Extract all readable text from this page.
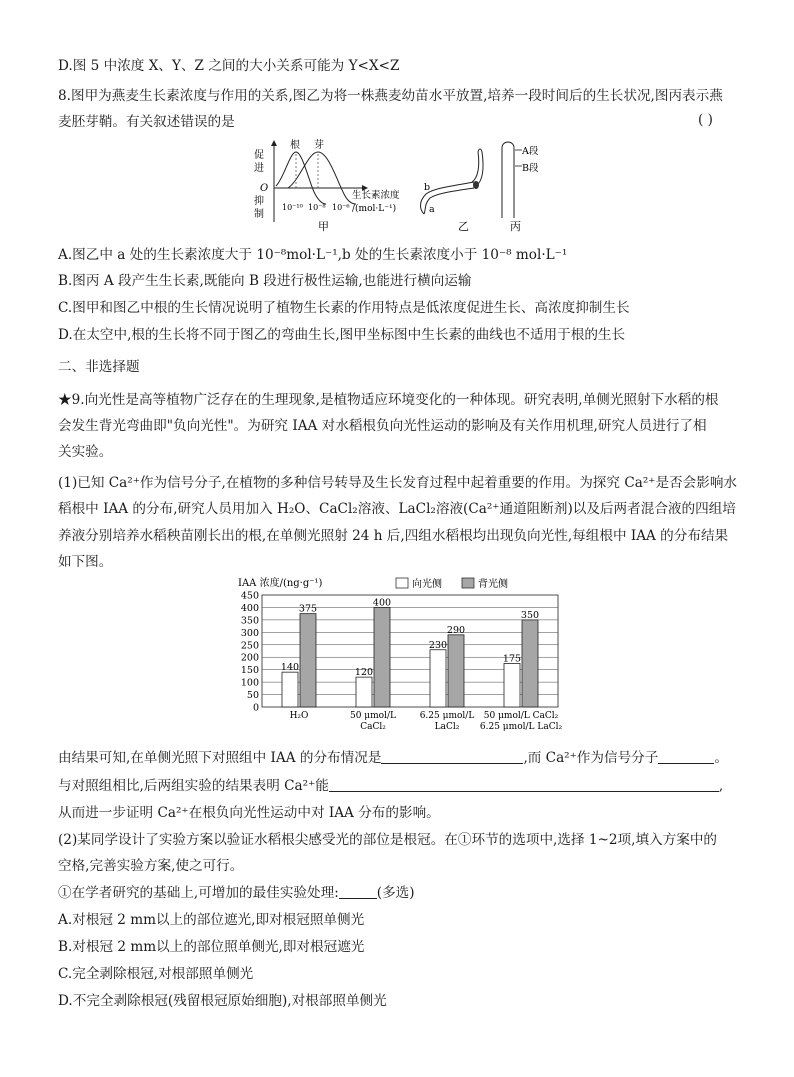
D.图 5 中浓度 X、Y、Z 之间的大小关系可能为 Y<X<Z
8.图甲为燕麦生长素浓度与作用的关系,图乙为将一株燕麦幼苗水平放置,培养一段时间后的生长状况,图丙表示燕
麦胚芽鞘。有关叙述错误的是	( )
促
进
O
抑
制
根 芽
10⁻¹⁰ 10⁻⁸ 10⁻⁶
生长素浓度
/(mol·L⁻¹)
甲
b
a
乙
A段
B段
丙
A.图乙中 a 处的生长素浓度大于 10⁻⁸mol·L⁻¹,b 处的生长素浓度小于 10⁻⁸ mol·L⁻¹
B.图丙 A 段产生生长素,既能向 B 段进行极性运输,也能进行横向运输
C.图甲和图乙中根的生长情况说明了植物生长素的作用特点是低浓度促进生长、高浓度抑制生长
D.在太空中,根的生长将不同于图乙的弯曲生长,图甲坐标图中生长素的曲线也不适用于根的生长
二、非选择题
★9.向光性是高等植物广泛存在的生理现象,是植物适应环境变化的一种体现。研究表明,单侧光照射下水稻的根
会发生背光弯曲即"负向光性"。为研究 IAA 对水稻根负向光性运动的影响及有关作用机理,研究人员进行了相
关实验。
(1)已知 Ca²⁺作为信号分子,在植物的多种信号转导及生长发育过程中起着重要的作用。为探究 Ca²⁺是否会影响水
稻根中 IAA 的分布,研究人员用加入 H₂O、CaCl₂溶液、LaCl₂溶液(Ca²⁺通道阻断剂)以及后两者混合液的四组培
养液分别培养水稻秧苗刚长出的根,在单侧光照射 24 h 后,四组水稻根均出现负向光性,每组根中 IAA 的分布结果
如下图。
IAA 浓度/(ng·g⁻¹)	向光侧	背光侧
0
50
100
150
200
250
300
350
400
450
140
375
H₂O
120
400
50 μmol/L
CaCl₂
230
290
6.25 μmol/L
LaCl₂
175
350
50 μmol/L CaCl₂
6.25 μmol/L LaCl₂
由结果可知,在单侧光照下对照组中 IAA 的分布情况是	,而 Ca²⁺作为信号分子	。
与对照组相比,后两组实验的结果表明 Ca²⁺能	,
从而进一步证明 Ca²⁺在根负向光性运动中对 IAA 分布的影响。
(2)某同学设计了实验方案以验证水稻根尖感受光的部位是根冠。在①环节的选项中,选择 1~2项,填入方案中的
空格,完善实验方案,使之可行。
①在学者研究的基础上,可增加的最佳实验处理:	(多选)
A.对根冠 2 mm以上的部位遮光,即对根冠照单侧光
B.对根冠 2 mm以上的部位照单侧光,即对根冠遮光
C.完全剥除根冠,对根部照单侧光
D.不完全剥除根冠(残留根冠原始细胞),对根部照单侧光
